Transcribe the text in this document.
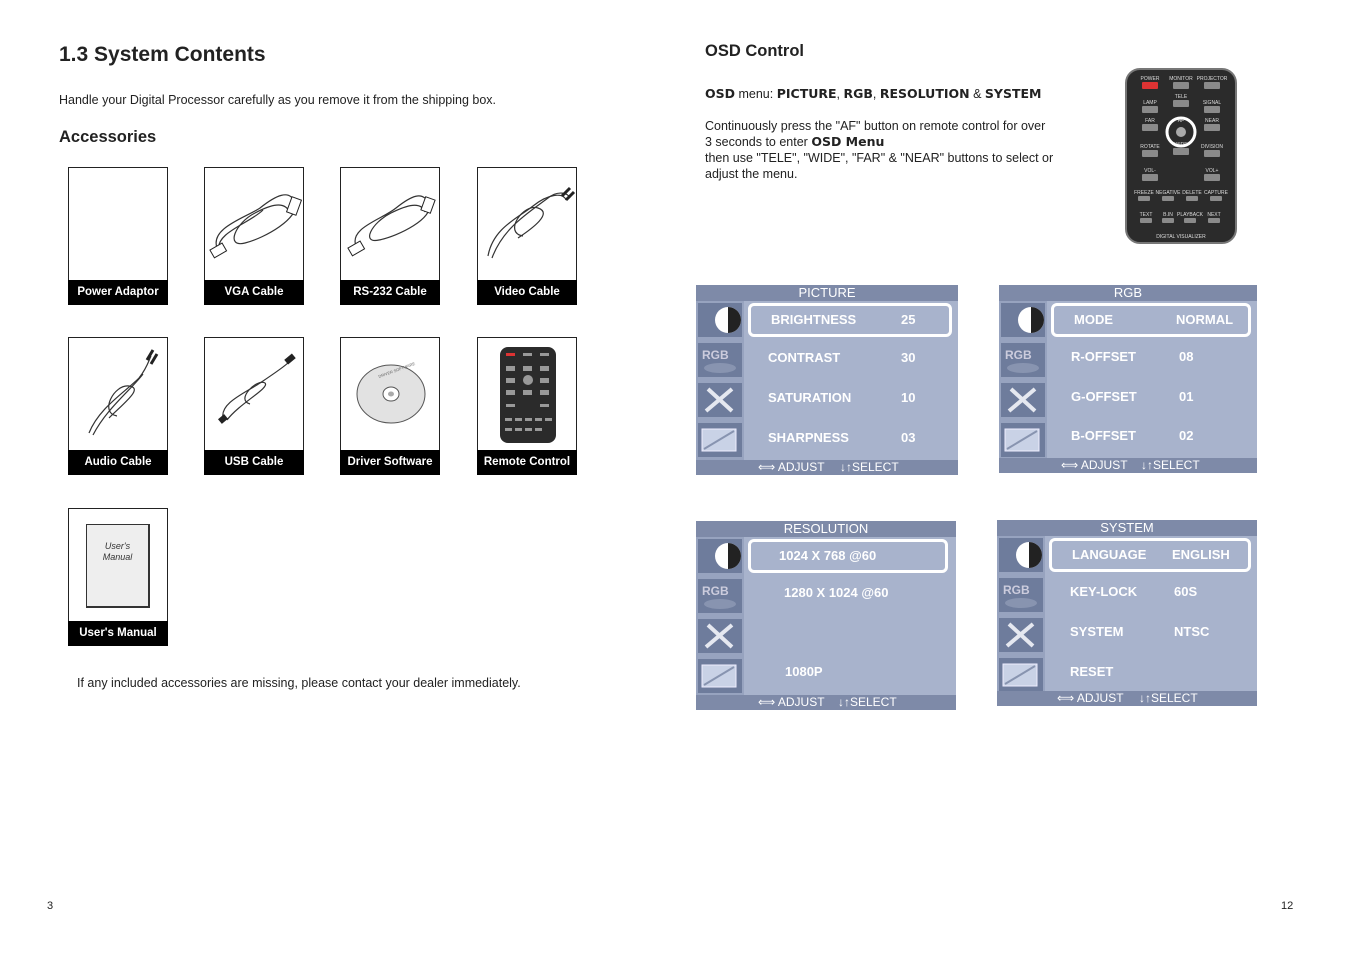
1.3 System Contents
Handle your Digital Processor carefully as you remove it from the shipping box.
Accessories
Power Adaptor	VGA Cable	RS-232 Cable	Video Cable
Audio Cable	USB Cable
DRIVER SOFTWARE
Driver Software	Remote Control
User's
Manual
User's Manual
If any included accessories are missing, please contact your dealer immediately.
3
OSD Control
OSD menu: PICTURE, RGB, RESOLUTION & SYSTEM
Continuously press the "AF" button on remote control for over
3 seconds to enter OSD Menu
then use "TELE", "WIDE", "FAR" & "NEAR" buttons to select or
adjust the menu.
POWER MONITOR PROJECTOR
LAMP
TELE
SIGNAL
FAR	AF	NEAR
ROTATE	WIDE	DIVISION
VOL-	VOL+
FREEZE NEGATIVE DELETE CAPTURE
TEXT B.IN PLAYBACK NEXT
DIGITAL VISUALIZER
PICTURE
RGB
BRIGHTNESS	25
CONTRAST	30
SATURATION	10
SHARPNESS	03
⟺ ADJUST ↓↑SELECT
RGB
RGB
MODE	NORMAL
R-OFFSET	08
G-OFFSET	01
B-OFFSET	02
⟺ ADJUST ↓↑SELECT
RESOLUTION
RGB
1024 X 768 @60
1280 X 1024 @60
1080P
⟺ ADJUST ↓↑SELECT
SYSTEM
RGB
LANGUAGE ENGLISH
KEY-LOCK	60S
SYSTEM	NTSC
RESET
⟺ ADJUST ↓↑SELECT
12
